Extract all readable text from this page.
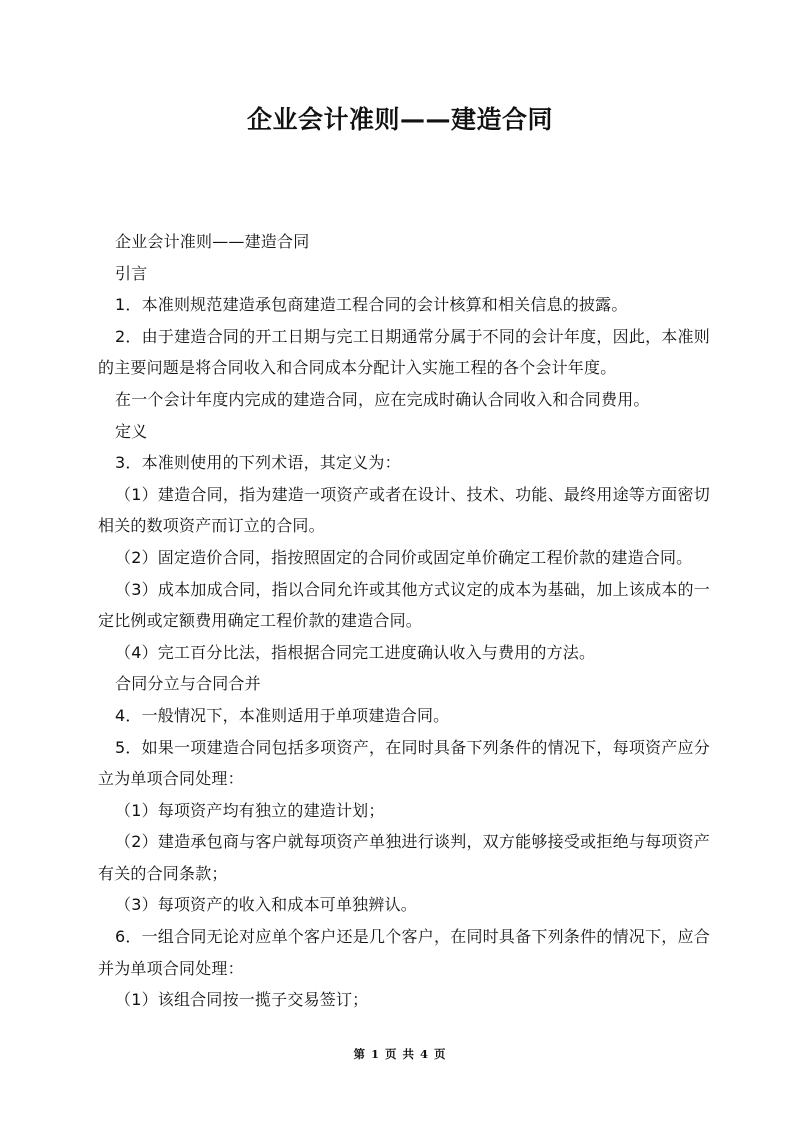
企业会计准则——建造合同

企业会计准则——建造合同

引言

1．本准则规范建造承包商建造工程合同的会计核算和相关信息的披露。

2．由于建造合同的开工日期与完工日期通常分属于不同的会计年度，因此，本准则的主要问题是将合同收入和合同成本分配计入实施工程的各个会计年度。

在一个会计年度内完成的建造合同，应在完成时确认合同收入和合同费用。

定义

3．本准则使用的下列术语，其定义为：

（1）建造合同，指为建造一项资产或者在设计、技术、功能、最终用途等方面密切相关的数项资产而订立的合同。

（2）固定造价合同，指按照固定的合同价或固定单价确定工程价款的建造合同。

（3）成本加成合同，指以合同允许或其他方式议定的成本为基础，加上该成本的一定比例或定额费用确定工程价款的建造合同。

（4）完工百分比法，指根据合同完工进度确认收入与费用的方法。

合同分立与合同合并

4．一般情况下，本准则适用于单项建造合同。

5．如果一项建造合同包括多项资产，在同时具备下列条件的情况下，每项资产应分立为单项合同处理：

（1）每项资产均有独立的建造计划；

（2）建造承包商与客户就每项资产单独进行谈判，双方能够接受或拒绝与每项资产有关的合同条款；

（3）每项资产的收入和成本可单独辨认。

6．一组合同无论对应单个客户还是几个客户，在同时具备下列条件的情况下，应合并为单项合同处理：

（1）该组合同按一揽子交易签订；

第 1 页 共 4 页
